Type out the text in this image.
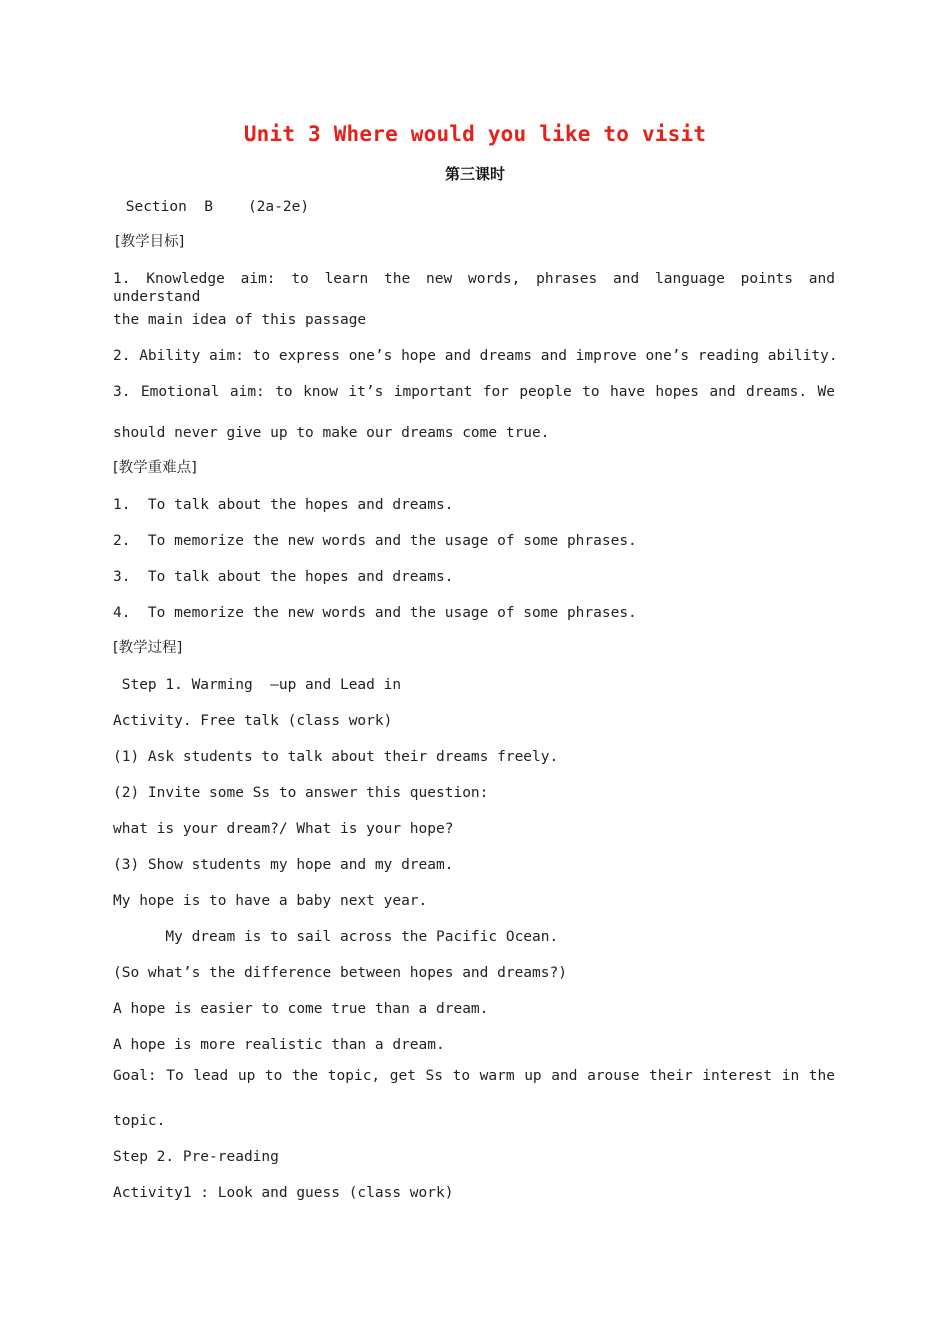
Unit 3 Where would you like to visit
第三课时
Section  B    (2a-2e)
[教学目标]
1. Knowledge aim: to learn the new words, phrases and language points and understand
the main idea of this passage
2. Ability aim: to express one’s hope and dreams and improve one’s reading ability.
3. Emotional aim: to know it’s important for people to have hopes and dreams. We
should never give up to make our dreams come true.
[教学重难点]
1.  To talk about the hopes and dreams.
2.  To memorize the new words and the usage of some phrases.
3.  To talk about the hopes and dreams.
4.  To memorize the new words and the usage of some phrases.
[教学过程]
Step 1. Warming  –up and Lead in
Activity. Free talk (class work)
(1) Ask students to talk about their dreams freely.
(2) Invite some Ss to answer this question:
what is your dream?/ What is your hope?
(3) Show students my hope and my dream.
My hope is to have a baby next year.
My dream is to sail across the Pacific Ocean.
(So what’s the difference between hopes and dreams?)
A hope is easier to come true than a dream.
A hope is more realistic than a dream.
Goal: To lead up to the topic, get Ss to warm up and arouse their interest in the
topic.
Step 2. Pre-reading
Activity1 : Look and guess (class work)
